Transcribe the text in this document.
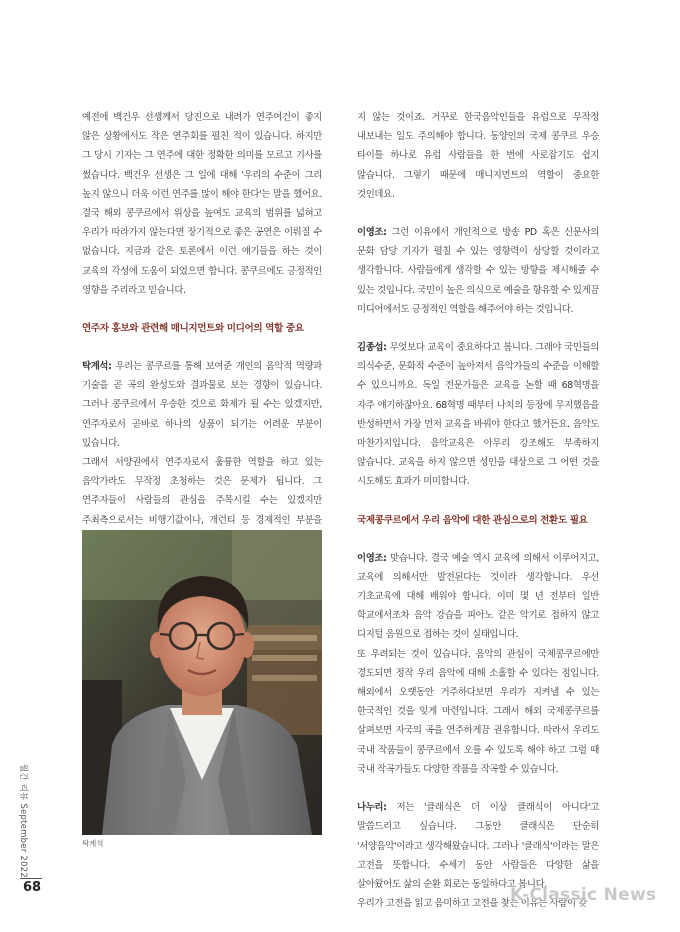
예전에 백건우 선생께서 당진으로 내려가 연주여건이 좋지 않은 상황에서도 작은 연주회를 펼친 적이 있습니다. 하지만 그 당시 기자는 그 연주에 대한 정확한 의미를 모르고 기사를 썼습니다. 백건우 선생은 그 일에 대해 '우리의 수준이 그리 높지 않으니 더욱 이런 연주를 많이 해야 한다'는 말을 했어요. 결국 해외 콩쿠르에서 위상을 높여도 교육의 범위를 넓혀고 우리가 따라가지 않는다면 장기적으로 좋은 공연은 이뤄질 수 없습니다. 지금과 같은 토론에서 이런 얘기들을 하는 것이 교육의 각성에 도움이 되었으면 합니다. 콩쿠르에도 긍정적인 영향을 주리라고 믿습니다.

연주자 홍보와 관련해 매니지먼트와 미디어의 역할 중요

탁계석: 우리는 콩쿠르를 통해 보여준 개인의 음악적 역량과 기술을 곧 곡의 완성도와 결과물로 보는 경향이 있습니다. 그러나 콩쿠르에서 우승한 것으로 화제가 될 수는 있겠지만, 연주자로서 곧바로 하나의 상품이 되기는 어려운 부분이 있습니다.

그래서 서양권에서 연주자로서 훌륭한 역할을 하고 있는 음악가라도 무작정 초청하는 것은 문제가 됩니다. 그 연주자들이 사람들의 관심을 주목시킬 수는 있겠지만 주최측으로서는 비행기값이나, 개런티 등 경제적인 부분을

탁계석

지 않는 것이죠. 거꾸로 한국음악인들을 유럽으로 무작정 내보내는 일도 주의해야 합니다. 동양인의 국제 콩쿠르 우승 타이틀 하나로 유럽 사람들을 한 번에 사로잡기도 쉽지 않습니다. 그렇기 때문에 매니지먼트의 역할이 중요한 것인데요.

이영조: 그런 이유에서 개인적으로 방송 PD 혹은 신문사의 문화 담당 기자가 펼칠 수 있는 영향력이 상당할 것이라고 생각합니다. 사람들에게 생각할 수 있는 방향을 제시해줄 수 있는 것입니다. 국민이 높은 의식으로 예술을 향유할 수 있게끔 미디어에서도 긍정적인 역할을 해주어야 하는 것입니다.

김종섭: 무엇보다 교육이 중요하다고 봅니다. 그래야 국민들의 의식수준, 문화적 수준이 높아져서 음악가들의 수준을 이해할 수 있으니까요. 독일 전문가들은 교육을 논할 때 68혁명을 자주 얘기하잖아요. 68혁명 때부터 나치의 등장에 무지했음을 반성하면서 가장 먼저 교육을 바꿔야 한다고 했거든요. 음악도 마찬가지입니다. 음악교육은 아무리 강조해도 부족하지 않습니다. 교육을 하지 않으면 성인을 대상으로 그 어떤 것을 시도해도 효과가 미미합니다.

국제콩쿠르에서 우리 음악에 대한 관심으로의 전환도 필요

이영조: 맞습니다. 결국 예술 역시 교육에 의해서 이루어지고, 교육에 의해서만 발전된다는 것이라 생각합니다. 우선 기초교육에 대해 배워야 합니다. 이미 몇 년 전부터 일반 학교에서조차 음악 강습을 피아노 같은 악기로 접하지 않고 디지털 음원으로 접하는 것이 실태입니다.

또 우려되는 것이 있습니다. 음악의 관심이 국제콩쿠르에만 경도되면 정작 우리 음악에 대해 소홀할 수 있다는 점입니다. 해외에서 오랫동안 거주하다보면 우리가 지켜낼 수 있는 한국적인 것을 잊게 마련입니다. 그래서 해외 국제콩쿠르를 살펴보면 자국의 곡을 연주하게끔 권유합니다. 따라서 우리도 국내 작품들이 콩쿠르에서 오를 수 있도록 해야 하고 그럴 때 국내 작곡가들도 다양한 작품을 작곡할 수 있습니다.

나누리: 저는 '클래식은 더 이상 클래식이 아니다'고 말씀드리고 싶습니다. 그동안 클래식은 단순히 '서양음악'이라고 생각해왔습니다. 그러나 '클래식'이라는 말은 고전을 뜻합니다. 수세기 동안 사람들은 다양한 삶을 살아왔어도 삶의 순환 회로는 동일하다고 봅니다.

우리가 고전을 읽고 음미하고 고전을 찾는 이유는 사람이 갖

월간 리뷰 September 2022
68	K-Classic News
